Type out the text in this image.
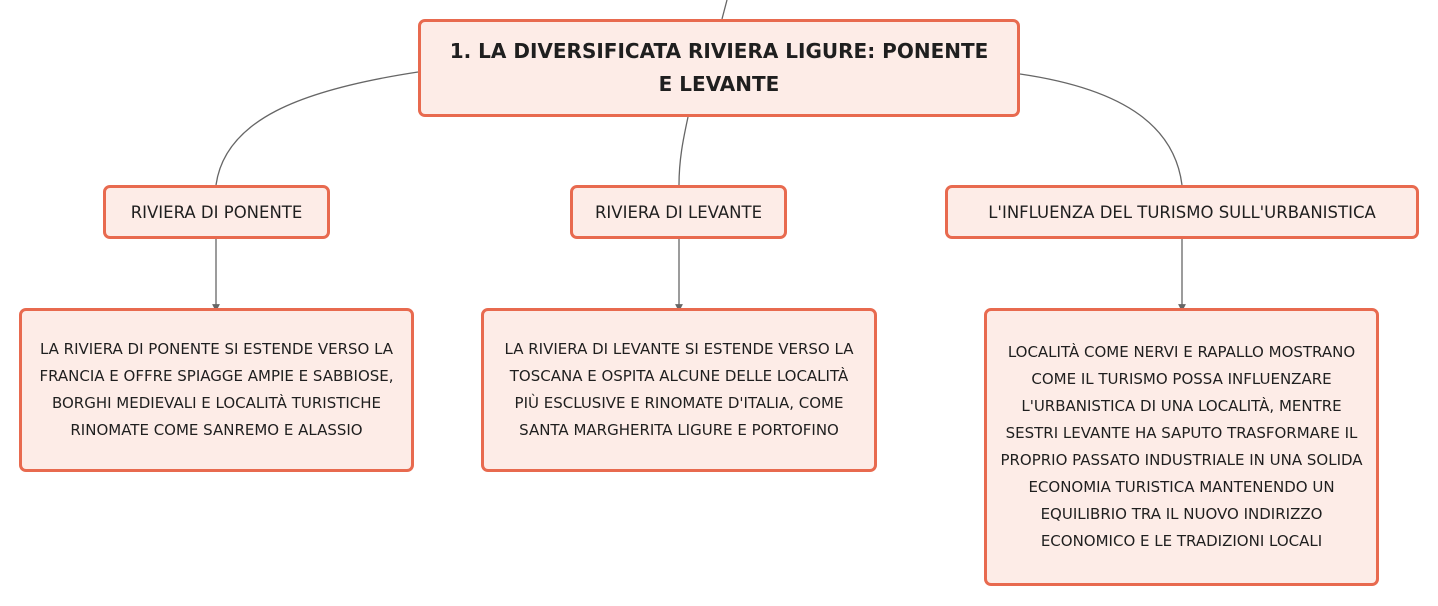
1. LA DIVERSIFICATA RIVIERA LIGURE: PONENTE E LEVANTE
RIVIERA DI PONENTE	RIVIERA DI LEVANTE	L'INFLUENZA DEL TURISMO SULL'URBANISTICA
LA RIVIERA DI PONENTE SI ESTENDE VERSO LA FRANCIA E OFFRE SPIAGGE AMPIE E SABBIOSE, BORGHI MEDIEVALI E LOCALITÀ TURISTICHE RINOMATE COME SANREMO E ALASSIO
LA RIVIERA DI LEVANTE SI ESTENDE VERSO LA TOSCANA E OSPITA ALCUNE DELLE LOCALITÀ PIÙ ESCLUSIVE E RINOMATE D'ITALIA, COME SANTA MARGHERITA LIGURE E PORTOFINO
LOCALITÀ COME NERVI E RAPALLO MOSTRANO COME IL TURISMO POSSA INFLUENZARE L'URBANISTICA DI UNA LOCALITÀ, MENTRE SESTRI LEVANTE HA SAPUTO TRASFORMARE IL PROPRIO PASSATO INDUSTRIALE IN UNA SOLIDA ECONOMIA TURISTICA MANTENENDO UN EQUILIBRIO TRA IL NUOVO INDIRIZZO ECONOMICO E LE TRADIZIONI LOCALI
